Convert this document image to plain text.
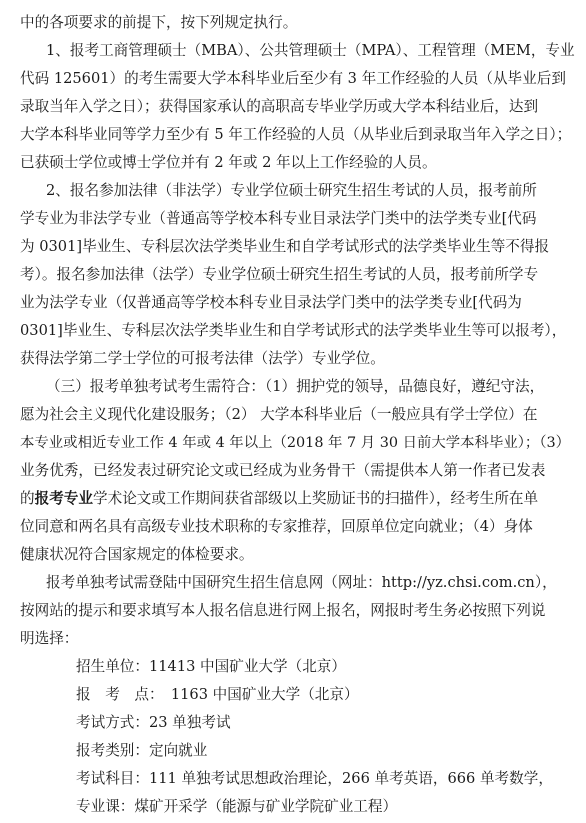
中的各项要求的前提下，按下列规定执行。
1、报考工商管理硕士（MBA）、公共管理硕士（MPA）、工程管理（MEM，专业
代码 125601）的考生需要大学本科毕业后至少有 3 年工作经验的人员（从毕业后到
录取当年入学之日）；获得国家承认的高职高专毕业学历或大学本科结业后，达到
大学本科毕业同等学力至少有 5 年工作经验的人员（从毕业后到录取当年入学之日）；
已获硕士学位或博士学位并有 2 年或 2 年以上工作经验的人员。
2、报名参加法律（非法学）专业学位硕士研究生招生考试的人员，报考前所
学专业为非法学专业（普通高等学校本科专业目录法学门类中的法学类专业[代码
为 0301]毕业生、专科层次法学类毕业生和自学考试形式的法学类毕业生等不得报
考）。报名参加法律（法学）专业学位硕士研究生招生考试的人员，报考前所学专
业为法学专业（仅普通高等学校本科专业目录法学门类中的法学类专业[代码为
0301]毕业生、专科层次法学类毕业生和自学考试形式的法学类毕业生等可以报考），
获得法学第二学士学位的可报考法律（法学）专业学位。
（三）报考单独考试考生需符合：（1）拥护党的领导，品德良好，遵纪守法，
愿为社会主义现代化建设服务；（2） 大学本科毕业后（一般应具有学士学位）在
本专业或相近专业工作 4 年或 4 年以上（2018 年 7 月 30 日前大学本科毕业）；（3）
业务优秀，已经发表过研究论文或已经成为业务骨干（需提供本人第一作者已发表
的报考专业学术论文或工作期间获省部级以上奖励证书的扫描件），经考生所在单
位同意和两名具有高级专业技术职称的专家推荐，回原单位定向就业；（4）身体
健康状况符合国家规定的体检要求。
报考单独考试需登陆中国研究生招生信息网（网址：http://yz.chsi.com.cn），
按网站的提示和要求填写本人报名信息进行网上报名，网报时考生务必按照下列说
明选择：
招生单位：11413 中国矿业大学（北京）
报　考　点：　1163 中国矿业大学（北京）
考试方式：23 单独考试
报考类别：定向就业
考试科目：111 单独考试思想政治理论，266 单考英语，666 单考数学，
专业课：煤矿开采学（能源与矿业学院矿业工程）
